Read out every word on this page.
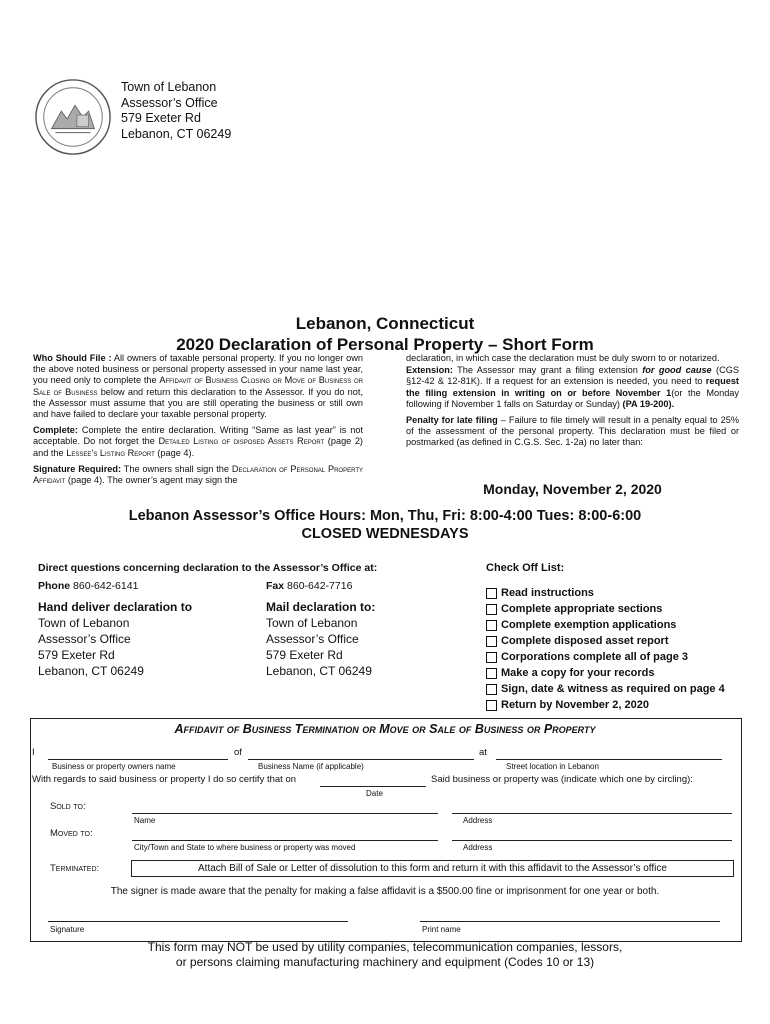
Town of Lebanon
Assessor’s Office
579 Exeter Rd
Lebanon, CT 06249
Lebanon, Connecticut
2020 Declaration of Personal Property – Short Form

Who Should File : All owners of taxable personal property. If you no longer own the above noted business or personal property assessed in your name last year, you need only to complete the Affidavit of Business Closing or Move of Business or Sale of Business below and return this declaration to the Assessor. If you do not, the Assessor must assume that you are still operating the business or still own and have failed to declare your taxable personal property.

Complete: Complete the entire declaration. Writing “Same as last year” is not acceptable. Do not forget the Detailed Listing of disposed Assets Report (page 2) and the Lessee’s Listing Report (page 4).

Signature Required: The owners shall sign the Declaration of Personal Property Affidavit (page 4). The owner’s agent may sign the

declaration, in which case the declaration must be duly sworn to or notarized.

Extension: The Assessor may grant a filing extension for good cause (CGS §12-42 & 12-81K). If a request for an extension is needed, you need to request the filing extension in writing on or before November 1(or the Monday following if November 1 falls on Saturday or Sunday) (PA 19-200).

Penalty for late filing – Failure to file timely will result in a penalty equal to 25% of the assessment of the personal property. This declaration must be filed or postmarked (as defined in C.G.S. Sec. 1-2a) no later than:

Monday, November 2, 2020
Lebanon Assessor’s Office Hours: Mon, Thu, Fri: 8:00-4:00 Tues: 8:00-6:00
CLOSED WEDNESDAYS
Direct questions concerning declaration to the Assessor’s Office at:
Phone 860-642-6141	Fax 860-642-7716
Hand deliver declaration to
Town of Lebanon
Assessor’s Office
579 Exeter Rd
Lebanon, CT 06249
Mail declaration to:
Town of Lebanon
Assessor’s Office
579 Exeter Rd
Lebanon, CT 06249
Check Off List:
Read instructions
Complete appropriate sections
Complete exemption applications
Complete disposed asset report
Corporations complete all of page 3
Make a copy for your records
Sign, date & witness as required on page 4
Return by November 2, 2020
Affidavit of Business Termination or Move or Sale of Business or Property
I	of	at
Business or property owners name	Business Name (if applicable)	Street location in Lebanon
With regards to said business or property I do so certify that on	Said business or property was (indicate which one by circling):
Date
Sold to:
Name	Address
Moved to:
City/Town and State to where business or property was moved	Address
Terminated:	Attach Bill of Sale or Letter of dissolution to this form and return it with this affidavit to the Assessor’s office
The signer is made aware that the penalty for making a false affidavit is a $500.00 fine or imprisonment for one year or both.
Signature	Print name
This form may NOT be used by utility companies, telecommunication companies, lessors,
or persons claiming manufacturing machinery and equipment (Codes 10 or 13)
